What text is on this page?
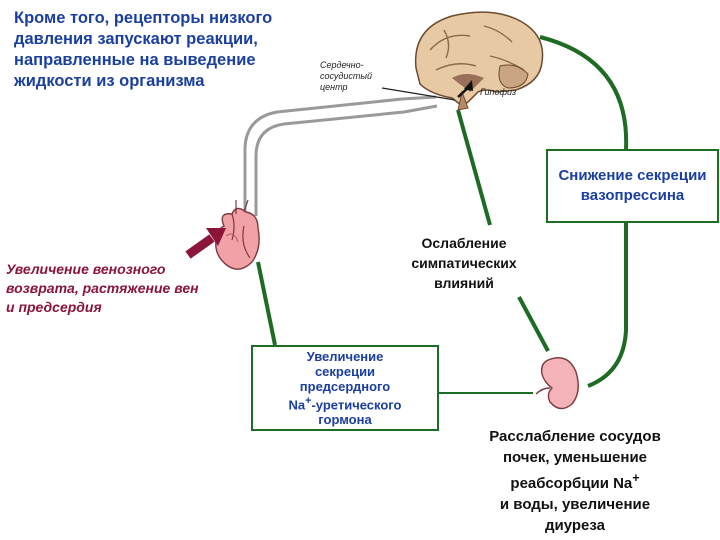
Кроме того, рецепторы низкого давления запускают реакции, направленные на выведение жидкости из организма

Увеличение венозного возврата, растяжение вен и предсердия

Сердечно-сосудистый центр	Гипофиз

Снижение секреции вазопрессина

Ослабление симпатических влияний

Увеличение
секреции
предсердного
Na+-уретического
гормона
Расслабление сосудов
почек, уменьшение
реабсорбции Na+
и воды, увеличение
диуреза
